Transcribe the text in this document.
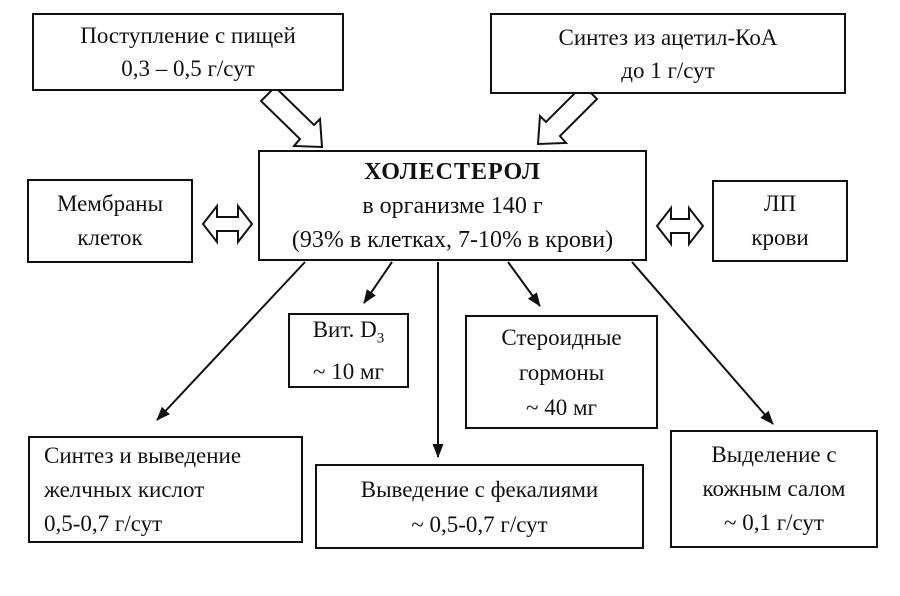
Поступление с пищей
0,3 – 0,5 г/сут
Синтез из ацетил-КоА
до 1 г/сут
ХОЛЕСТЕРОЛ
в организме 140 г
(93% в клетках, 7-10% в крови)
Мембраны
клеток
ЛП
крови
Вит. $D_3$
~ 10 мг
Стероидные
гормоны
~ 40 мг
Синтез и выведение
желчных кислот
0,5-0,7 г/сут
Выведение с фекалиями
~ 0,5-0,7 г/сут
Выделение с
кожным салом
~ 0,1 г/сут
